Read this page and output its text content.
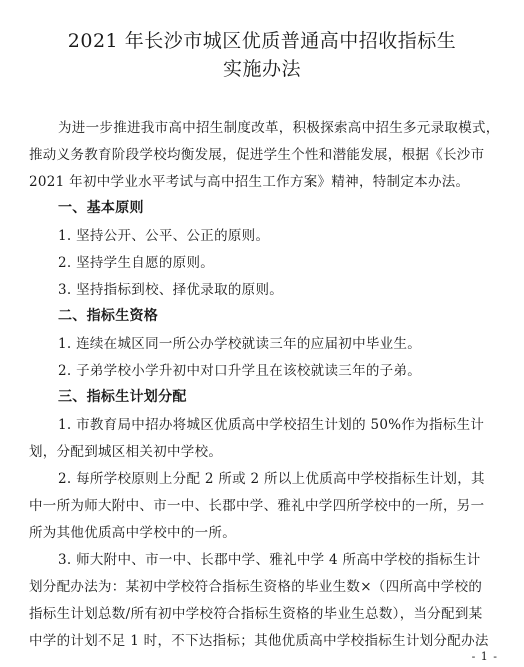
2021 年长沙市城区优质普通高中招收指标生
实施办法
为进一步推进我市高中招生制度改革，积极探索高中招生多元录取模式，
推动义务教育阶段学校均衡发展，促进学生个性和潜能发展，根据《长沙市
2021 年初中学业水平考试与高中招生工作方案》精神，特制定本办法。
一、基本原则
1. 坚持公开、公平、公正的原则。
2. 坚持学生自愿的原则。
3. 坚持指标到校、择优录取的原则。
二、指标生资格
1. 连续在城区同一所公办学校就读三年的应届初中毕业生。
2. 子弟学校小学升初中对口升学且在该校就读三年的子弟。
三、指标生计划分配
1. 市教育局中招办将城区优质高中学校招生计划的 50%作为指标生计
划，分配到城区相关初中学校。
2. 每所学校原则上分配 2 所或 2 所以上优质高中学校指标生计划，其
中一所为师大附中、市一中、长郡中学、雅礼中学四所学校中的一所，另一
所为其他优质高中学校中的一所。
3. 师大附中、市一中、长郡中学、雅礼中学 4 所高中学校的指标生计
划分配办法为：某初中学校符合指标生资格的毕业生数×（四所高中学校的
指标生计划总数/所有初中学校符合指标生资格的毕业生总数），当分配到某
中学的计划不足 1 时，不下达指标；其他优质高中学校指标生计划分配办法
- 1 -
